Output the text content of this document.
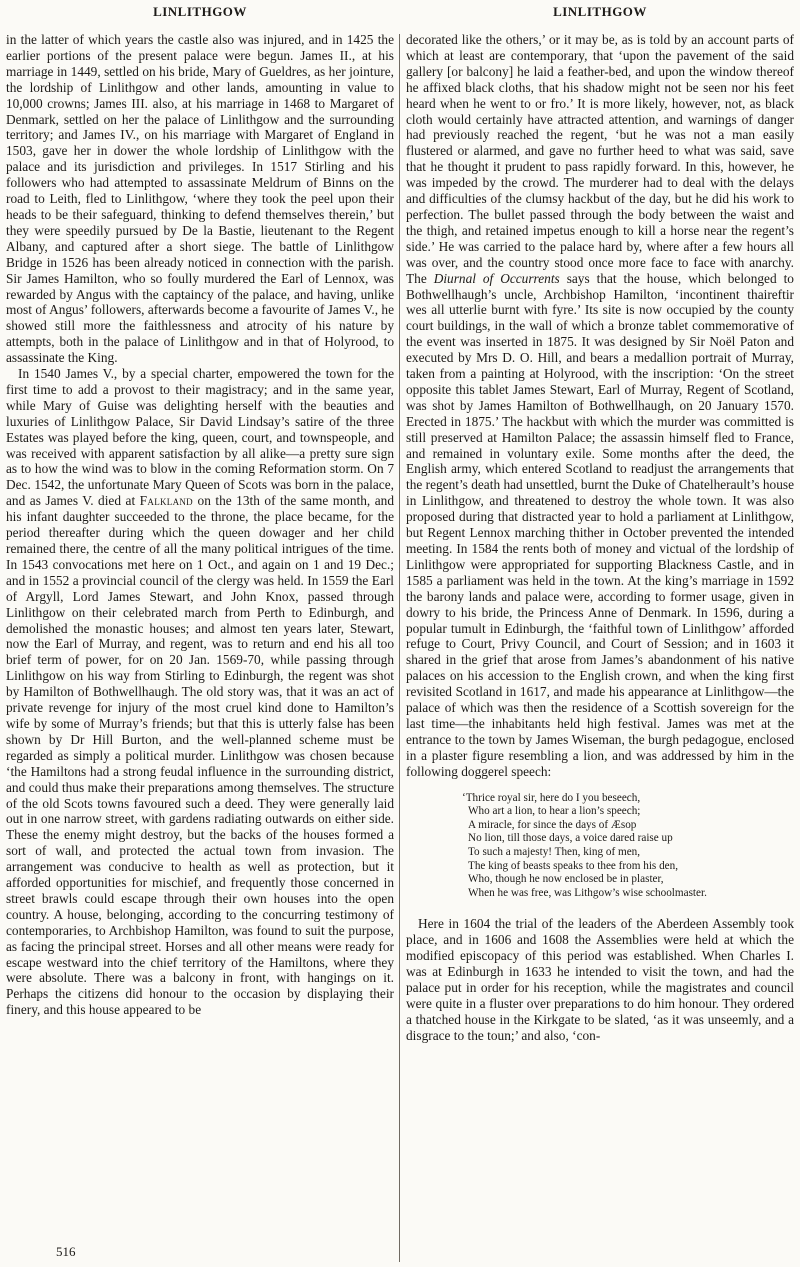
LINLITHGOW	LINLITHGOW

in the latter of which years the castle also was injured, and in 1425 the earlier portions of the present palace were begun. James II., at his marriage in 1449, settled on his bride, Mary of Gueldres, as her jointure, the lordship of Linlithgow and other lands, amounting in value to 10,000 crowns; James III. also, at his marriage in 1468 to Margaret of Denmark, settled on her the palace of Linlithgow and the surrounding territory; and James IV., on his marriage with Margaret of England in 1503, gave her in dower the whole lordship of Linlithgow with the palace and its jurisdiction and privileges. In 1517 Stirling and his followers who had attempted to assassinate Meldrum of Binns on the road to Leith, fled to Linlithgow, ‘where they took the peel upon their heads to be their safeguard, thinking to defend themselves therein,’ but they were speedily pursued by De la Bastie, lieutenant to the Regent Albany, and captured after a short siege. The battle of Linlithgow Bridge in 1526 has been already noticed in connection with the parish. Sir James Hamilton, who so foully murdered the Earl of Lennox, was rewarded by Angus with the captaincy of the palace, and having, unlike most of Angus’ followers, afterwards become a favourite of James V., he showed still more the faithlessness and atrocity of his nature by attempts, both in the palace of Linlithgow and in that of Holyrood, to assassinate the King.

In 1540 James V., by a special charter, empowered the town for the first time to add a provost to their magistracy; and in the same year, while Mary of Guise was delighting herself with the beauties and luxuries of Linlithgow Palace, Sir David Lindsay’s satire of the three Estates was played before the king, queen, court, and townspeople, and was received with apparent satisfaction by all alike—a pretty sure sign as to how the wind was to blow in the coming Reformation storm. On 7 Dec. 1542, the unfortunate Mary Queen of Scots was born in the palace, and as James V. died at Falkland on the 13th of the same month, and his infant daughter succeeded to the throne, the place became, for the period thereafter during which the queen dowager and her child remained there, the centre of all the many political intrigues of the time. In 1543 convocations met here on 1 Oct., and again on 1 and 19 Dec.; and in 1552 a provincial council of the clergy was held. In 1559 the Earl of Argyll, Lord James Stewart, and John Knox, passed through Linlithgow on their celebrated march from Perth to Edinburgh, and demolished the monastic houses; and almost ten years later, Stewart, now the Earl of Murray, and regent, was to return and end his all too brief term of power, for on 20 Jan. 1569-70, while passing through Linlithgow on his way from Stirling to Edinburgh, the regent was shot by Hamilton of Bothwellhaugh. The old story was, that it was an act of private revenge for injury of the most cruel kind done to Hamilton’s wife by some of Murray’s friends; but that this is utterly false has been shown by Dr Hill Burton, and the well-planned scheme must be regarded as simply a political murder. Linlithgow was chosen because ‘the Hamiltons had a strong feudal influence in the surrounding district, and could thus make their preparations among themselves. The structure of the old Scots towns favoured such a deed. They were generally laid out in one narrow street, with gardens radiating outwards on either side. These the enemy might destroy, but the backs of the houses formed a sort of wall, and protected the actual town from invasion. The arrangement was conducive to health as well as protection, but it afforded opportunities for mischief, and frequently those concerned in street brawls could escape through their own houses into the open country. A house, belonging, according to the concurring testimony of contemporaries, to Archbishop Hamilton, was found to suit the purpose, as facing the principal street. Horses and all other means were ready for escape westward into the chief territory of the Hamiltons, where they were absolute. There was a balcony in front, with hangings on it. Perhaps the citizens did honour to the occasion by displaying their finery, and this house appeared to be

decorated like the others,’ or it may be, as is told by an account parts of which at least are contemporary, that ‘upon the pavement of the said gallery [or balcony] he laid a feather-bed, and upon the window thereof he affixed black cloths, that his shadow might not be seen nor his feet heard when he went to or fro.’ It is more likely, however, not, as black cloth would certainly have attracted attention, and warnings of danger had previously reached the regent, ‘but he was not a man easily flustered or alarmed, and gave no further heed to what was said, save that he thought it prudent to pass rapidly forward. In this, however, he was impeded by the crowd. The murderer had to deal with the delays and difficulties of the clumsy hackbut of the day, but he did his work to perfection. The bullet passed through the body between the waist and the thigh, and retained impetus enough to kill a horse near the regent’s side.’ He was carried to the palace hard by, where after a few hours all was over, and the country stood once more face to face with anarchy. The Diurnal of Occurrents says that the house, which belonged to Bothwellhaugh’s uncle, Archbishop Hamilton, ‘incontinent thaireftir wes all utterlie burnt with fyre.’ Its site is now occupied by the county court buildings, in the wall of which a bronze tablet commemorative of the event was inserted in 1875. It was designed by Sir Noël Paton and executed by Mrs D. O. Hill, and bears a medallion portrait of Murray, taken from a painting at Holyrood, with the inscription: ‘On the street opposite this tablet James Stewart, Earl of Murray, Regent of Scotland, was shot by James Hamilton of Bothwellhaugh, on 20 January 1570. Erected in 1875.’ The hackbut with which the murder was committed is still preserved at Hamilton Palace; the assassin himself fled to France, and remained in voluntary exile. Some months after the deed, the English army, which entered Scotland to readjust the arrangements that the regent’s death had unsettled, burnt the Duke of Chatelherault’s house in Linlithgow, and threatened to destroy the whole town. It was also proposed during that distracted year to hold a parliament at Linlithgow, but Regent Lennox marching thither in October prevented the intended meeting. In 1584 the rents both of money and victual of the lordship of Linlithgow were appropriated for supporting Blackness Castle, and in 1585 a parliament was held in the town. At the king’s marriage in 1592 the barony lands and palace were, according to former usage, given in dowry to his bride, the Princess Anne of Denmark. In 1596, during a popular tumult in Edinburgh, the ‘faithful town of Linlithgow’ afforded refuge to Court, Privy Council, and Court of Session; and in 1603 it shared in the grief that arose from James’s abandonment of his native palaces on his accession to the English crown, and when the king first revisited Scotland in 1617, and made his appearance at Linlithgow—the palace of which was then the residence of a Scottish sovereign for the last time—the inhabitants held high festival. James was met at the entrance to the town by James Wiseman, the burgh pedagogue, enclosed in a plaster figure resembling a lion, and was addressed by him in the following doggerel speech:

‘Thrice royal sir, here do I you beseech,
Who art a lion, to hear a lion’s speech;
A miracle, for since the days of Æsop
No lion, till those days, a voice dared raise up
To such a majesty! Then, king of men,
The king of beasts speaks to thee from his den,
Who, though he now enclosed be in plaster,
When he was free, was Lithgow’s wise schoolmaster.

Here in 1604 the trial of the leaders of the Aberdeen Assembly took place, and in 1606 and 1608 the Assemblies were held at which the modified episcopacy of this period was established. When Charles I. was at Edinburgh in 1633 he intended to visit the town, and had the palace put in order for his reception, while the magistrates and council were quite in a fluster over preparations to do him honour. They ordered a thatched house in the Kirkgate to be slated, ‘as it was unseemly, and a disgrace to the toun;’ and also, ‘con-

516
